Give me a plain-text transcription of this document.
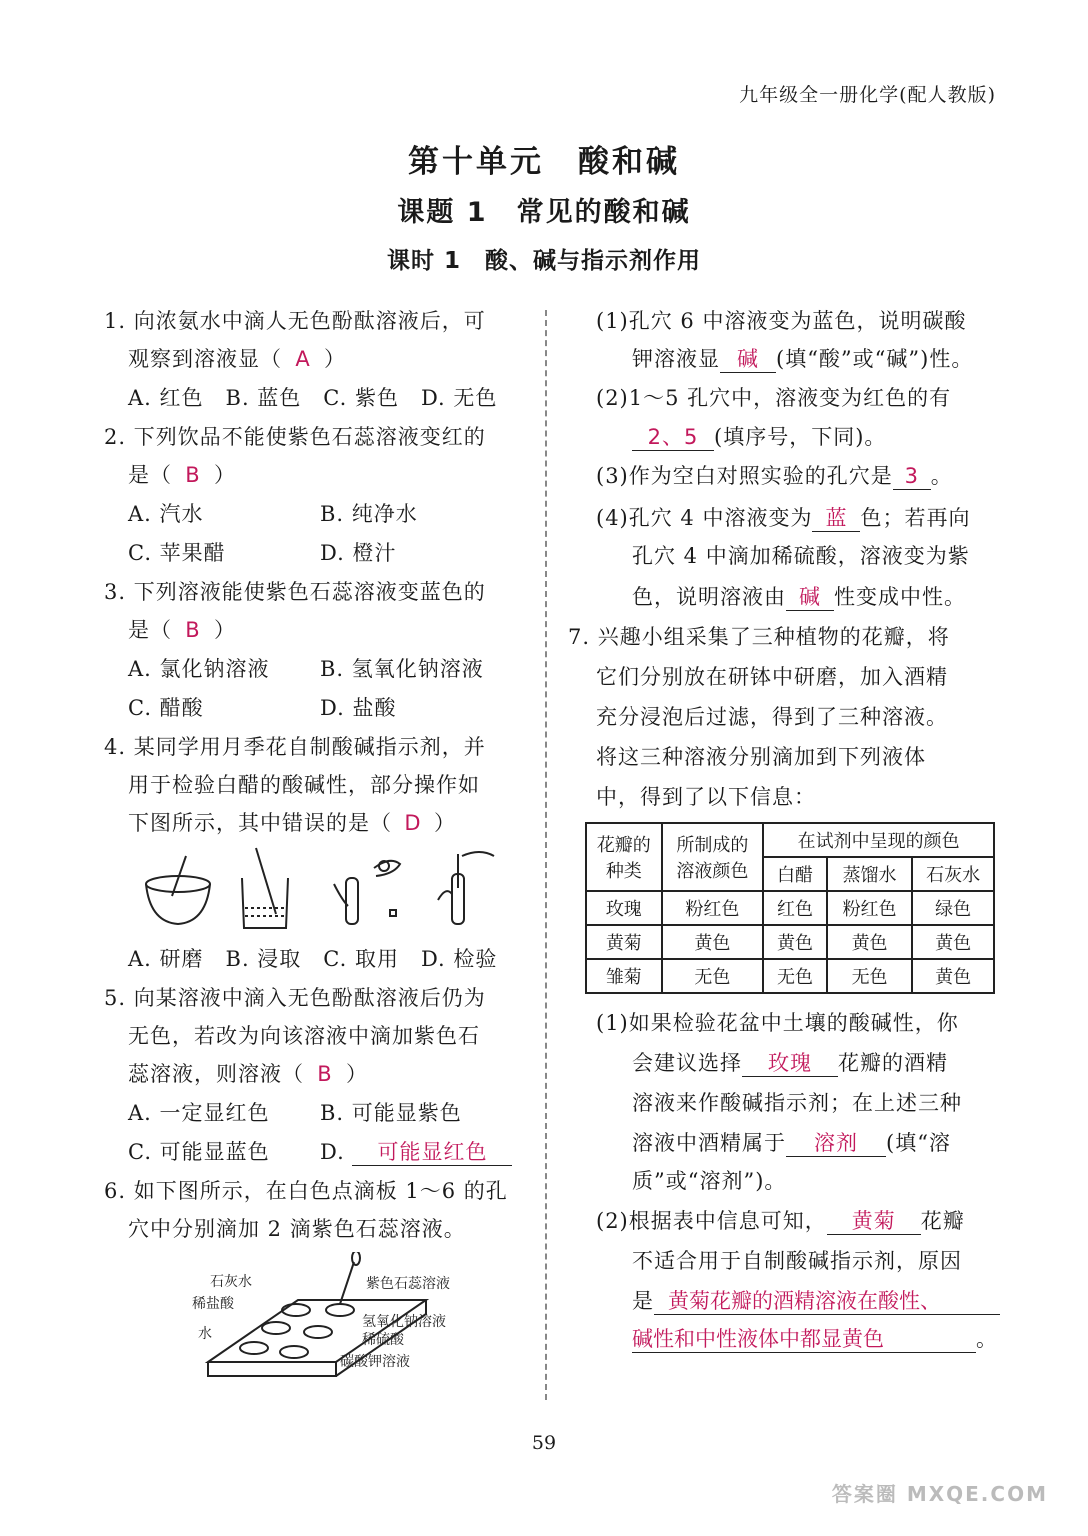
九年级全一册化学(配人教版)
第十单元　酸和碱
课题 1　常见的酸和碱
课时 1　酸、碱与指示剂作用
1. 向浓氨水中滴人无色酚酞溶液后，可
观察到溶液显（ A ）
A. 红色　B. 蓝色　C. 紫色　D. 无色
2. 下列饮品不能使紫色石蕊溶液变红的
是（ B ）
A. 汽水	B. 纯净水
C. 苹果醋	D. 橙汁
3. 下列溶液能使紫色石蕊溶液变蓝色的
是（ B ）
A. 氯化钠溶液 B. 氢氧化钠溶液
C. 醋酸	D. 盐酸
4. 某同学用月季花自制酸碱指示剂，并
用于检验白醋的酸碱性，部分操作如
下图所示，其中错误的是（ D ）
A. 研磨　B. 浸取　C. 取用　D. 检验
5. 向某溶液中滴入无色酚酞溶液后仍为
无色，若改为向该溶液中滴加紫色石
蕊溶液，则溶液（ B ）
A. 一定显红色 B. 可能显紫色
C. 可能显蓝色 D. 可能显红色
6. 如下图所示，在白色点滴板 1～6 的孔
穴中分别滴加 2 滴紫色石蕊溶液。
石灰水
稀盐酸
水
紫色石蕊溶液
氢氧化钠溶液
稀硫酸
碳酸钾溶液
(1)孔穴 6 中溶液变为蓝色，说明碳酸
钾溶液显 碱 (填“酸”或“碱”)性。
(2)1～5 孔穴中，溶液变为红色的有
2、5 (填序号，下同)。
(3)作为空白对照实验的孔穴是 3 。
(4)孔穴 4 中溶液变为 蓝 色；若再向
孔穴 4 中滴加稀硫酸，溶液变为紫
色，说明溶液由 碱 性变成中性。
7. 兴趣小组采集了三种植物的花瓣，将
它们分别放在研钵中研磨，加入酒精
充分浸泡后过滤，得到了三种溶液。
将这三种溶液分别滴加到下列液体
中，得到了以下信息：
花瓣的
种类	所制成的
溶液颜色	在试剂中呈现的颜色		
		白醋	蒸馏水	石灰水
玫瑰	粉红色	红色	粉红色	绿色
黄菊	黄色	黄色	黄色	黄色
雏菊	无色	无色	无色	黄色
(1)如果检验花盆中土壤的酸碱性，你
会建议选择 玫瑰 花瓣的酒精
溶液来作酸碱指示剂；在上述三种
溶液中酒精属于 溶剂 (填“溶
质”或“溶剂”)。
(2)根据表中信息可知， 黄菊 花瓣
不适合用于自制酸碱指示剂，原因
是 黄菊花瓣的酒精溶液在酸性、
碱性和中性液体中都显黄色	。
59
答案圈 MXQE.COM
